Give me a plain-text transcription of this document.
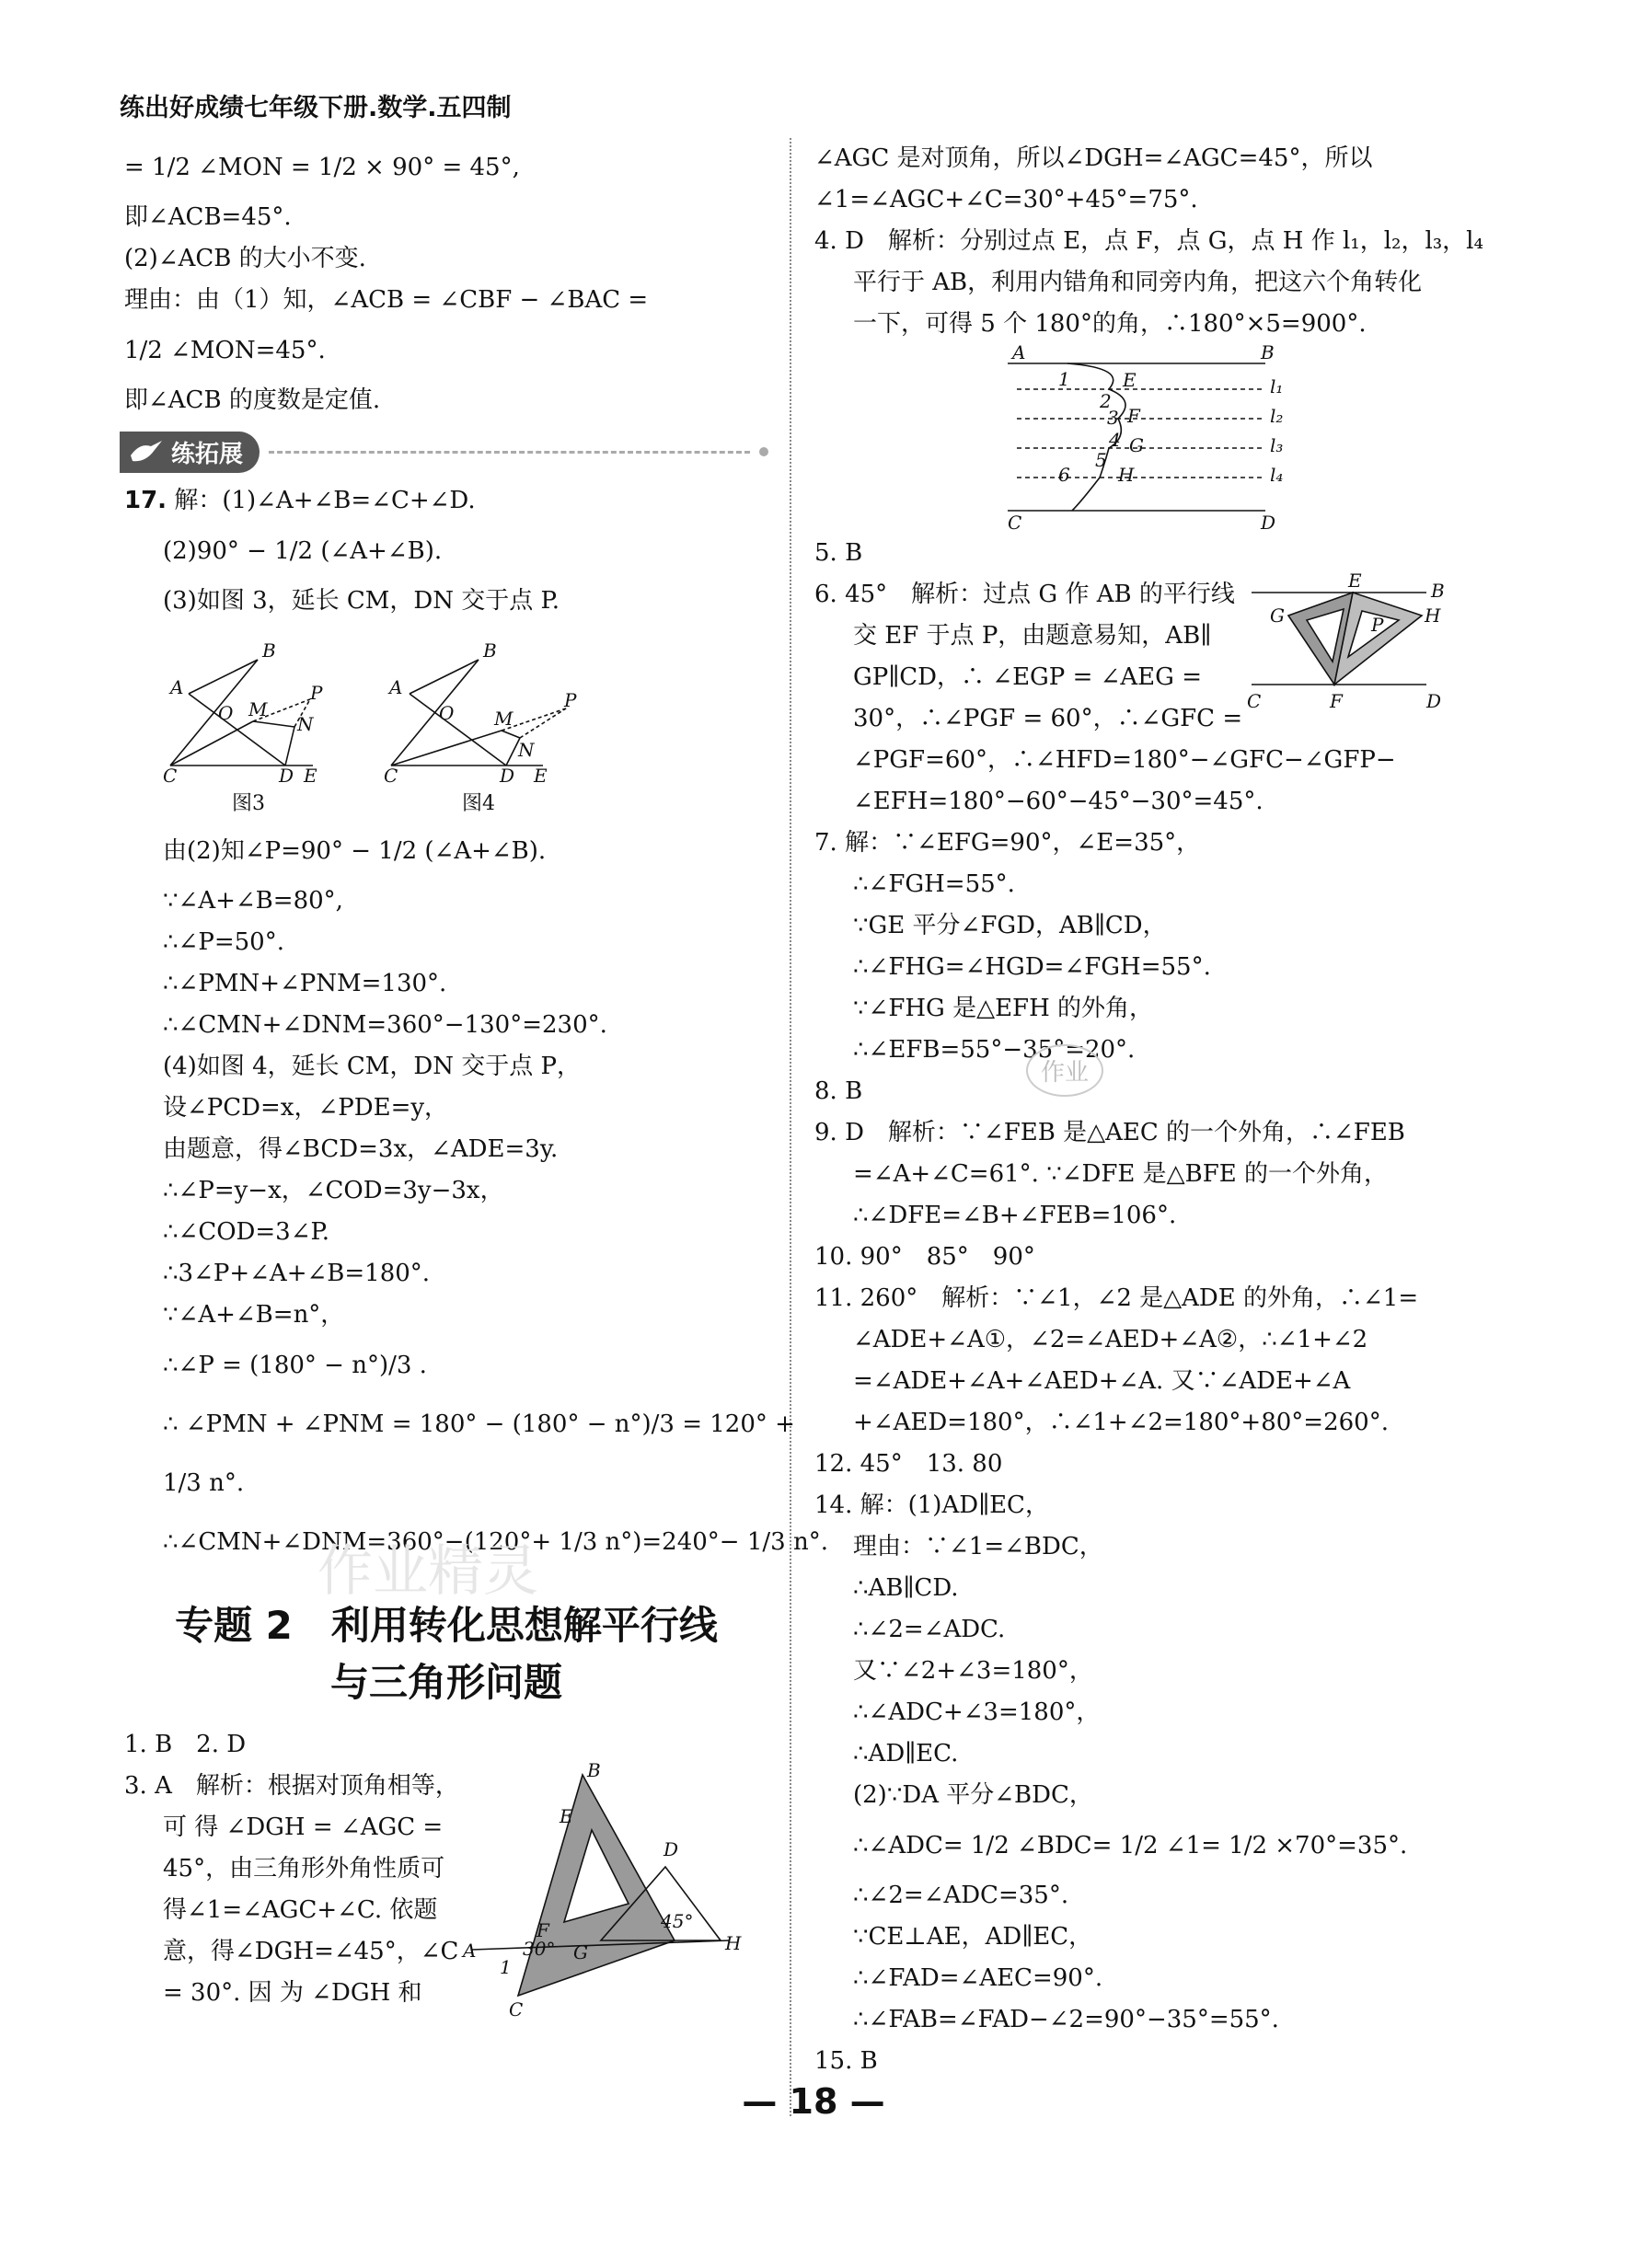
练出好成绩七年级下册.数学.五四制
= 1/2 ∠MON = 1/2 × 90° = 45°,
即∠ACB=45°.
(2)∠ACB 的大小不变.
理由：由（1）知，∠ACB = ∠CBF − ∠BAC =
1/2 ∠MON=45°.
即∠ACB 的度数是定值.
练拓展
17. 解：(1)∠A+∠B=∠C+∠D.
(2)90° − 1/2 (∠A+∠B).
(3)如图 3，延长 CM，DN 交于点 P.
B
A
O M
N
P
C	D E
图3
B
A
O M
N
P
C	D E
图4
由(2)知∠P=90° − 1/2 (∠A+∠B).
∵∠A+∠B=80°,
∴∠P=50°.
∴∠PMN+∠PNM=130°.
∴∠CMN+∠DNM=360°−130°=230°.
(4)如图 4，延长 CM，DN 交于点 P，
设∠PCD=x，∠PDE=y，
由题意，得∠BCD=3x，∠ADE=3y.
∴∠P=y−x，∠COD=3y−3x，
∴∠COD=3∠P.
∴3∠P+∠A+∠B=180°.
∵∠A+∠B=n°，
∴∠P = (180° − n°)/3 .
∴ ∠PMN + ∠PNM = 180° − (180° − n°)/3 = 120° +
1/3 n°.
∴∠CMN+∠DNM=360°−(120°+ 1/3 n°)=240°− 1/3 n°.
专题 2　利用转化思想解平行线
与三角形问题
1. B　2. D
3. A　解析：根据对顶角相等，
可 得 ∠DGH = ∠AGC =
45°，由三角形外角性质可
得∠1=∠AGC+∠C. 依题
意，得∠DGH=∠45°，∠C
= 30°. 因 为 ∠DGH 和
B
E
D
F
A
1
30° G
45°
H
C
作业精灵
∠AGC 是对顶角，所以∠DGH=∠AGC=45°，所以
∠1=∠AGC+∠C=30°+45°=75°.
4. D　解析：分别过点 E，点 F，点 G，点 H 作 l₁，l₂，l₃，l₄
平行于 AB，利用内错角和同旁内角，把这六个角转化
一下，可得 5 个 180°的角，∴180°×5=900°.
A	B
C	D
l₁
l₂
l₃
l₄
1
2
3
4
5
6
E
F
G
H
5. B
6. 45°　解析：过点 G 作 AB 的平行线
交 EF 于点 P，由题意易知，AB∥
GP∥CD，∴ ∠EGP = ∠AEG =
30°，∴∠PGF = 60°，∴∠GFC =
E	B
G	H
P
C	F	D
∠PGF=60°，∴∠HFD=180°−∠GFC−∠GFP−
∠EFH=180°−60°−45°−30°=45°.
7. 解：∵∠EFG=90°，∠E=35°，
∴∠FGH=55°.
∵GE 平分∠FGD，AB∥CD，
∴∠FHG=∠HGD=∠FGH=55°.
∵∠FHG 是△EFH 的外角，
∴∠EFB=55°−35°=20°.
8. B
9. D　解析：∵∠FEB 是△AEC 的一个外角，∴∠FEB
=∠A+∠C=61°. ∵∠DFE 是△BFE 的一个外角，
∴∠DFE=∠B+∠FEB=106°.
10. 90°　85°　90°
11. 260°　解析：∵∠1，∠2 是△ADE 的外角，∴∠1=
∠ADE+∠A①，∠2=∠AED+∠A②，∴∠1+∠2
=∠ADE+∠A+∠AED+∠A. 又∵∠ADE+∠A
+∠AED=180°，∴∠1+∠2=180°+80°=260°.
12. 45°　13. 80
14. 解：(1)AD∥EC，
理由：∵∠1=∠BDC，
∴AB∥CD.
∴∠2=∠ADC.
又∵∠2+∠3=180°，
∴∠ADC+∠3=180°，
∴AD∥EC.
(2)∵DA 平分∠BDC，
∴∠ADC= 1/2 ∠BDC= 1/2 ∠1= 1/2 ×70°=35°.
∴∠2=∠ADC=35°.
∵CE⊥AE，AD∥EC，
∴∠FAD=∠AEC=90°.
∴∠FAB=∠FAD−∠2=90°−35°=55°.
15. B
作业
— 18 —
